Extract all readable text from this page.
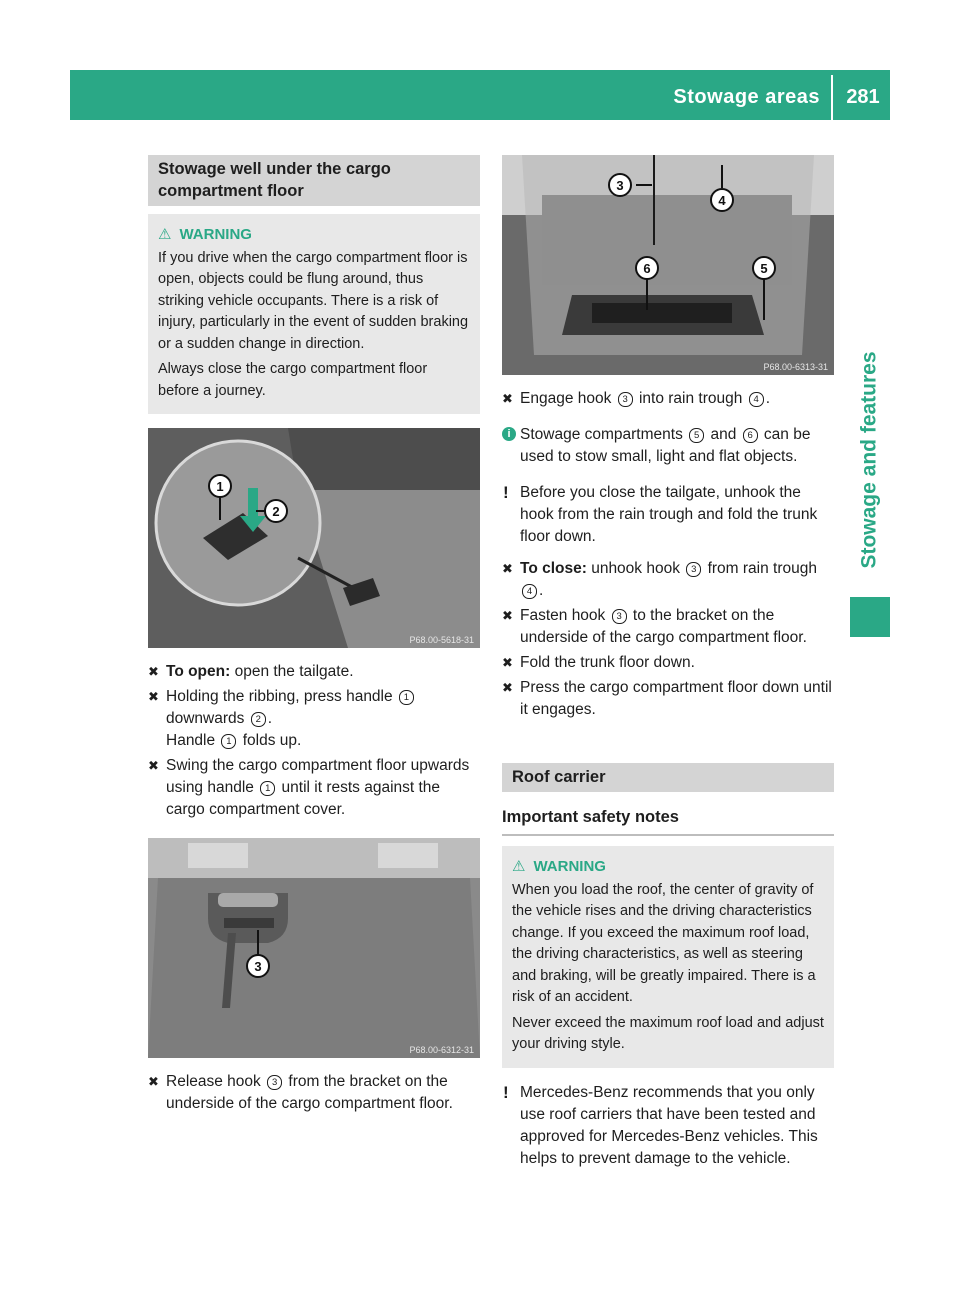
Stowage areas	281
Stowage and features
Stowage well under the cargo compartment floor
⚠ WARNING

If you drive when the cargo compartment floor is open, objects could be flung around, thus striking vehicle occupants. There is a risk of injury, particularly in the event of sudden braking or a sudden change in direction.

Always close the cargo compartment floor before a journey.

1
2
P68.00-5618-31
✖ To open: open the tailgate.
✖ Holding the ribbing, press handle 1 downwards 2 .
Handle 1 folds up.
✖ Swing the cargo compartment floor upwards using handle 1 until it rests against the cargo compartment cover.
3
P68.00-6312-31
✖ Release hook 3 from the bracket on the underside of the cargo compartment floor.
3
4
6	5
P68.00-6313-31
✖ Engage hook 3 into rain trough 4 .
i Stowage compartments 5 and 6 can be used to stow small, light and flat objects.
! Before you close the tailgate, unhook the hook from the rain trough and fold the trunk floor down.
✖ To close: unhook hook 3 from rain trough 4 .
✖ Fasten hook 3 to the bracket on the underside of the cargo compartment floor.
✖ Fold the trunk floor down.
✖ Press the cargo compartment floor down until it engages.
Roof carrier
Important safety notes
⚠ WARNING

When you load the roof, the center of gravity of the vehicle rises and the driving characteristics change. If you exceed the maximum roof load, the driving characteristics, as well as steering and braking, will be greatly impaired. There is a risk of an accident.

Never exceed the maximum roof load and adjust your driving style.

! Mercedes-Benz recommends that you only use roof carriers that have been tested and approved for Mercedes-Benz vehicles. This helps to prevent damage to the vehicle.
